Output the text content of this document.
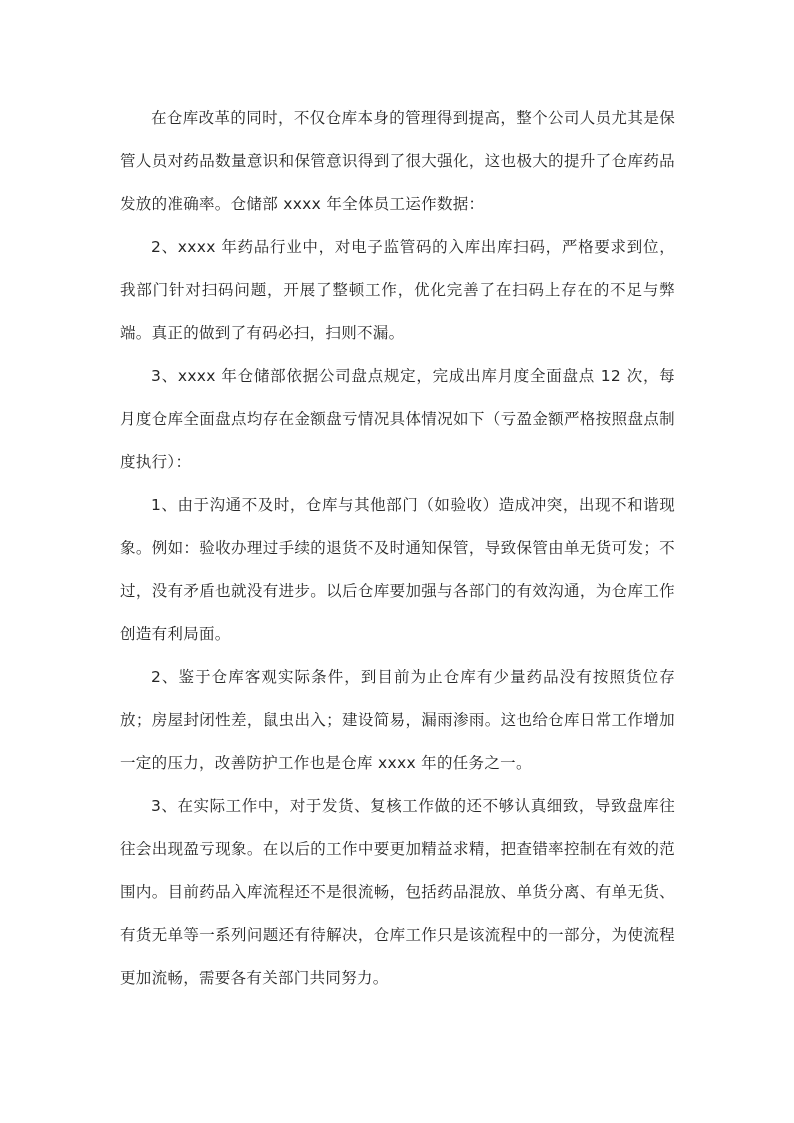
在仓库改革的同时，不仅仓库本身的管理得到提高，整个公司人员尤其是保管人员对药品数量意识和保管意识得到了很大强化，这也极大的提升了仓库药品发放的准确率。仓储部 xxxx 年全体员工运作数据：

2、xxxx 年药品行业中，对电子监管码的入库出库扫码，严格要求到位，我部门针对扫码问题，开展了整顿工作，优化完善了在扫码上存在的不足与弊端。真正的做到了有码必扫，扫则不漏。

3、xxxx 年仓储部依据公司盘点规定，完成出库月度全面盘点 12 次，每月度仓库全面盘点均存在金额盘亏情况具体情况如下（亏盈金额严格按照盘点制度执行）：

1、由于沟通不及时，仓库与其他部门（如验收）造成冲突，出现不和谐现象。例如：验收办理过手续的退货不及时通知保管，导致保管由单无货可发；不过，没有矛盾也就没有进步。以后仓库要加强与各部门的有效沟通，为仓库工作创造有利局面。

2、鉴于仓库客观实际条件，到目前为止仓库有少量药品没有按照货位存放；房屋封闭性差，鼠虫出入；建设简易，漏雨渗雨。这也给仓库日常工作增加一定的压力，改善防护工作也是仓库 xxxx 年的任务之一。

3、在实际工作中，对于发货、复核工作做的还不够认真细致，导致盘库往往会出现盈亏现象。在以后的工作中要更加精益求精，把查错率控制在有效的范围内。目前药品入库流程还不是很流畅，包括药品混放、单货分离、有单无货、有货无单等一系列问题还有待解决，仓库工作只是该流程中的一部分，为使流程更加流畅，需要各有关部门共同努力。
